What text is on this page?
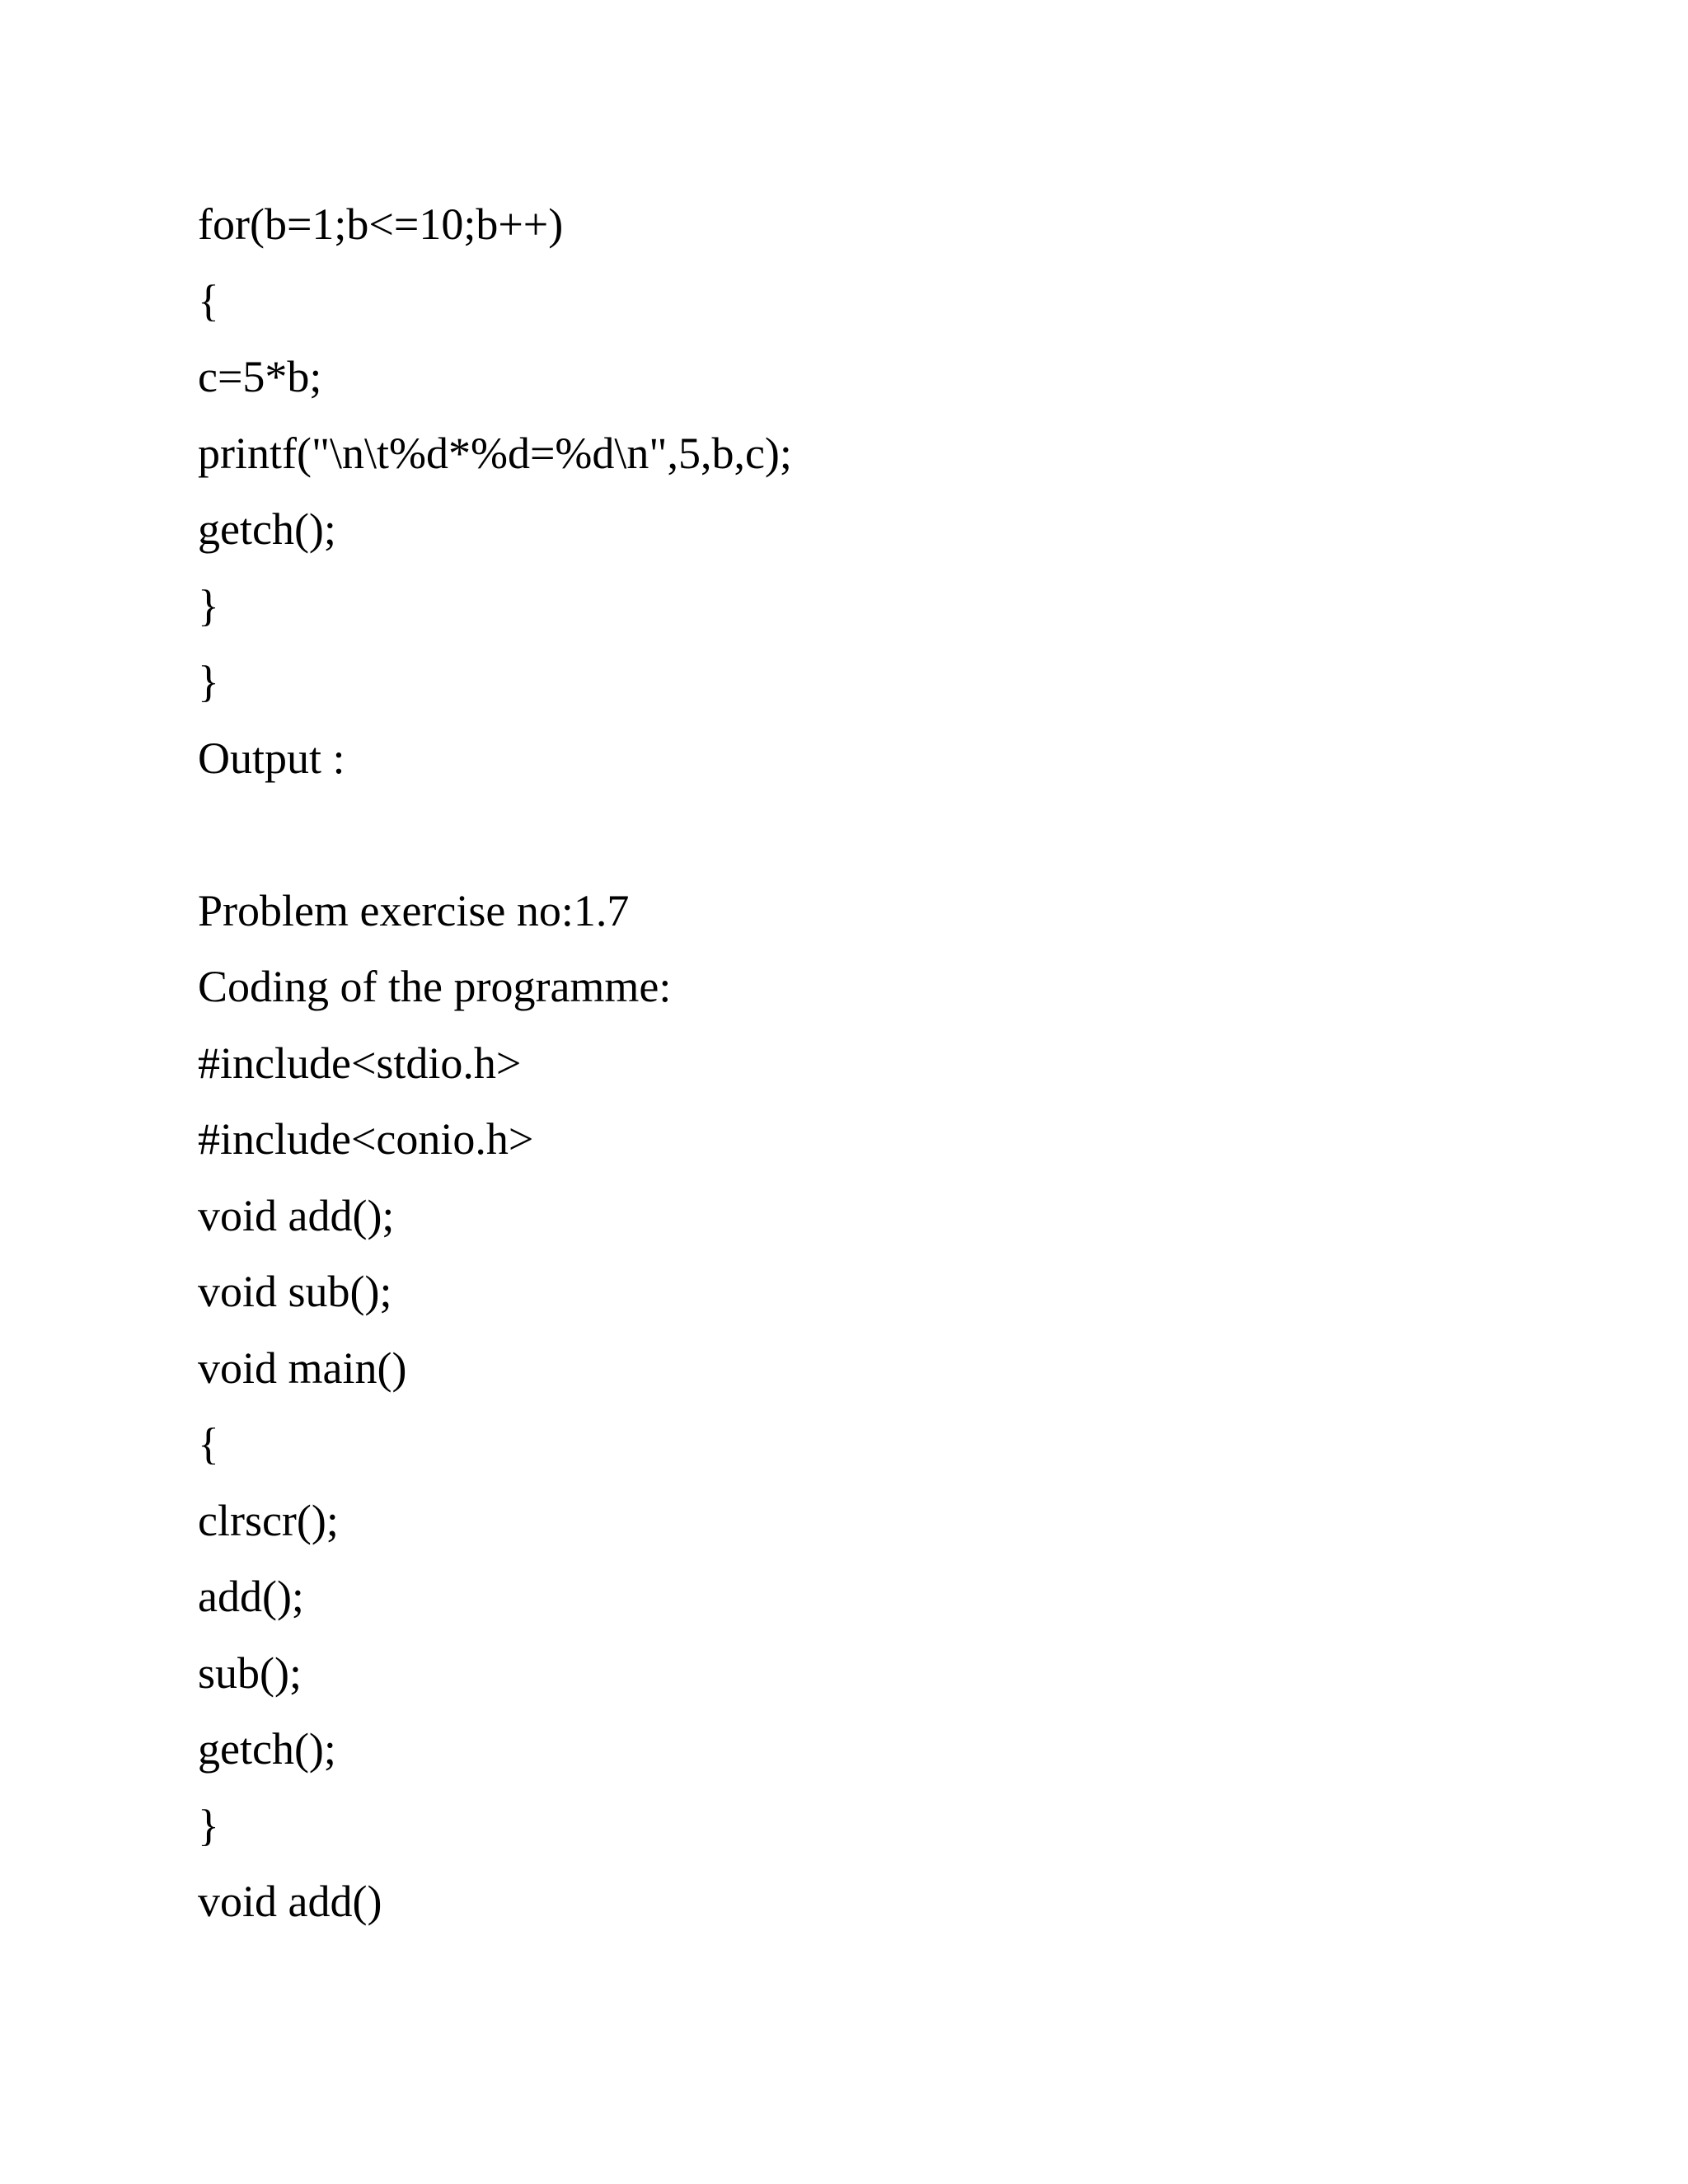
for(b=1;b<=10;b++)
{
c=5*b;
printf("\n\t%d*%d=%d\n",5,b,c);
getch();
}
}
Output :
Problem exercise no:1.7
Coding of the programme:
#include<stdio.h>
#include<conio.h>
void add();
void sub();
void main()
{
clrscr();
add();
sub();
getch();
}
void add()
